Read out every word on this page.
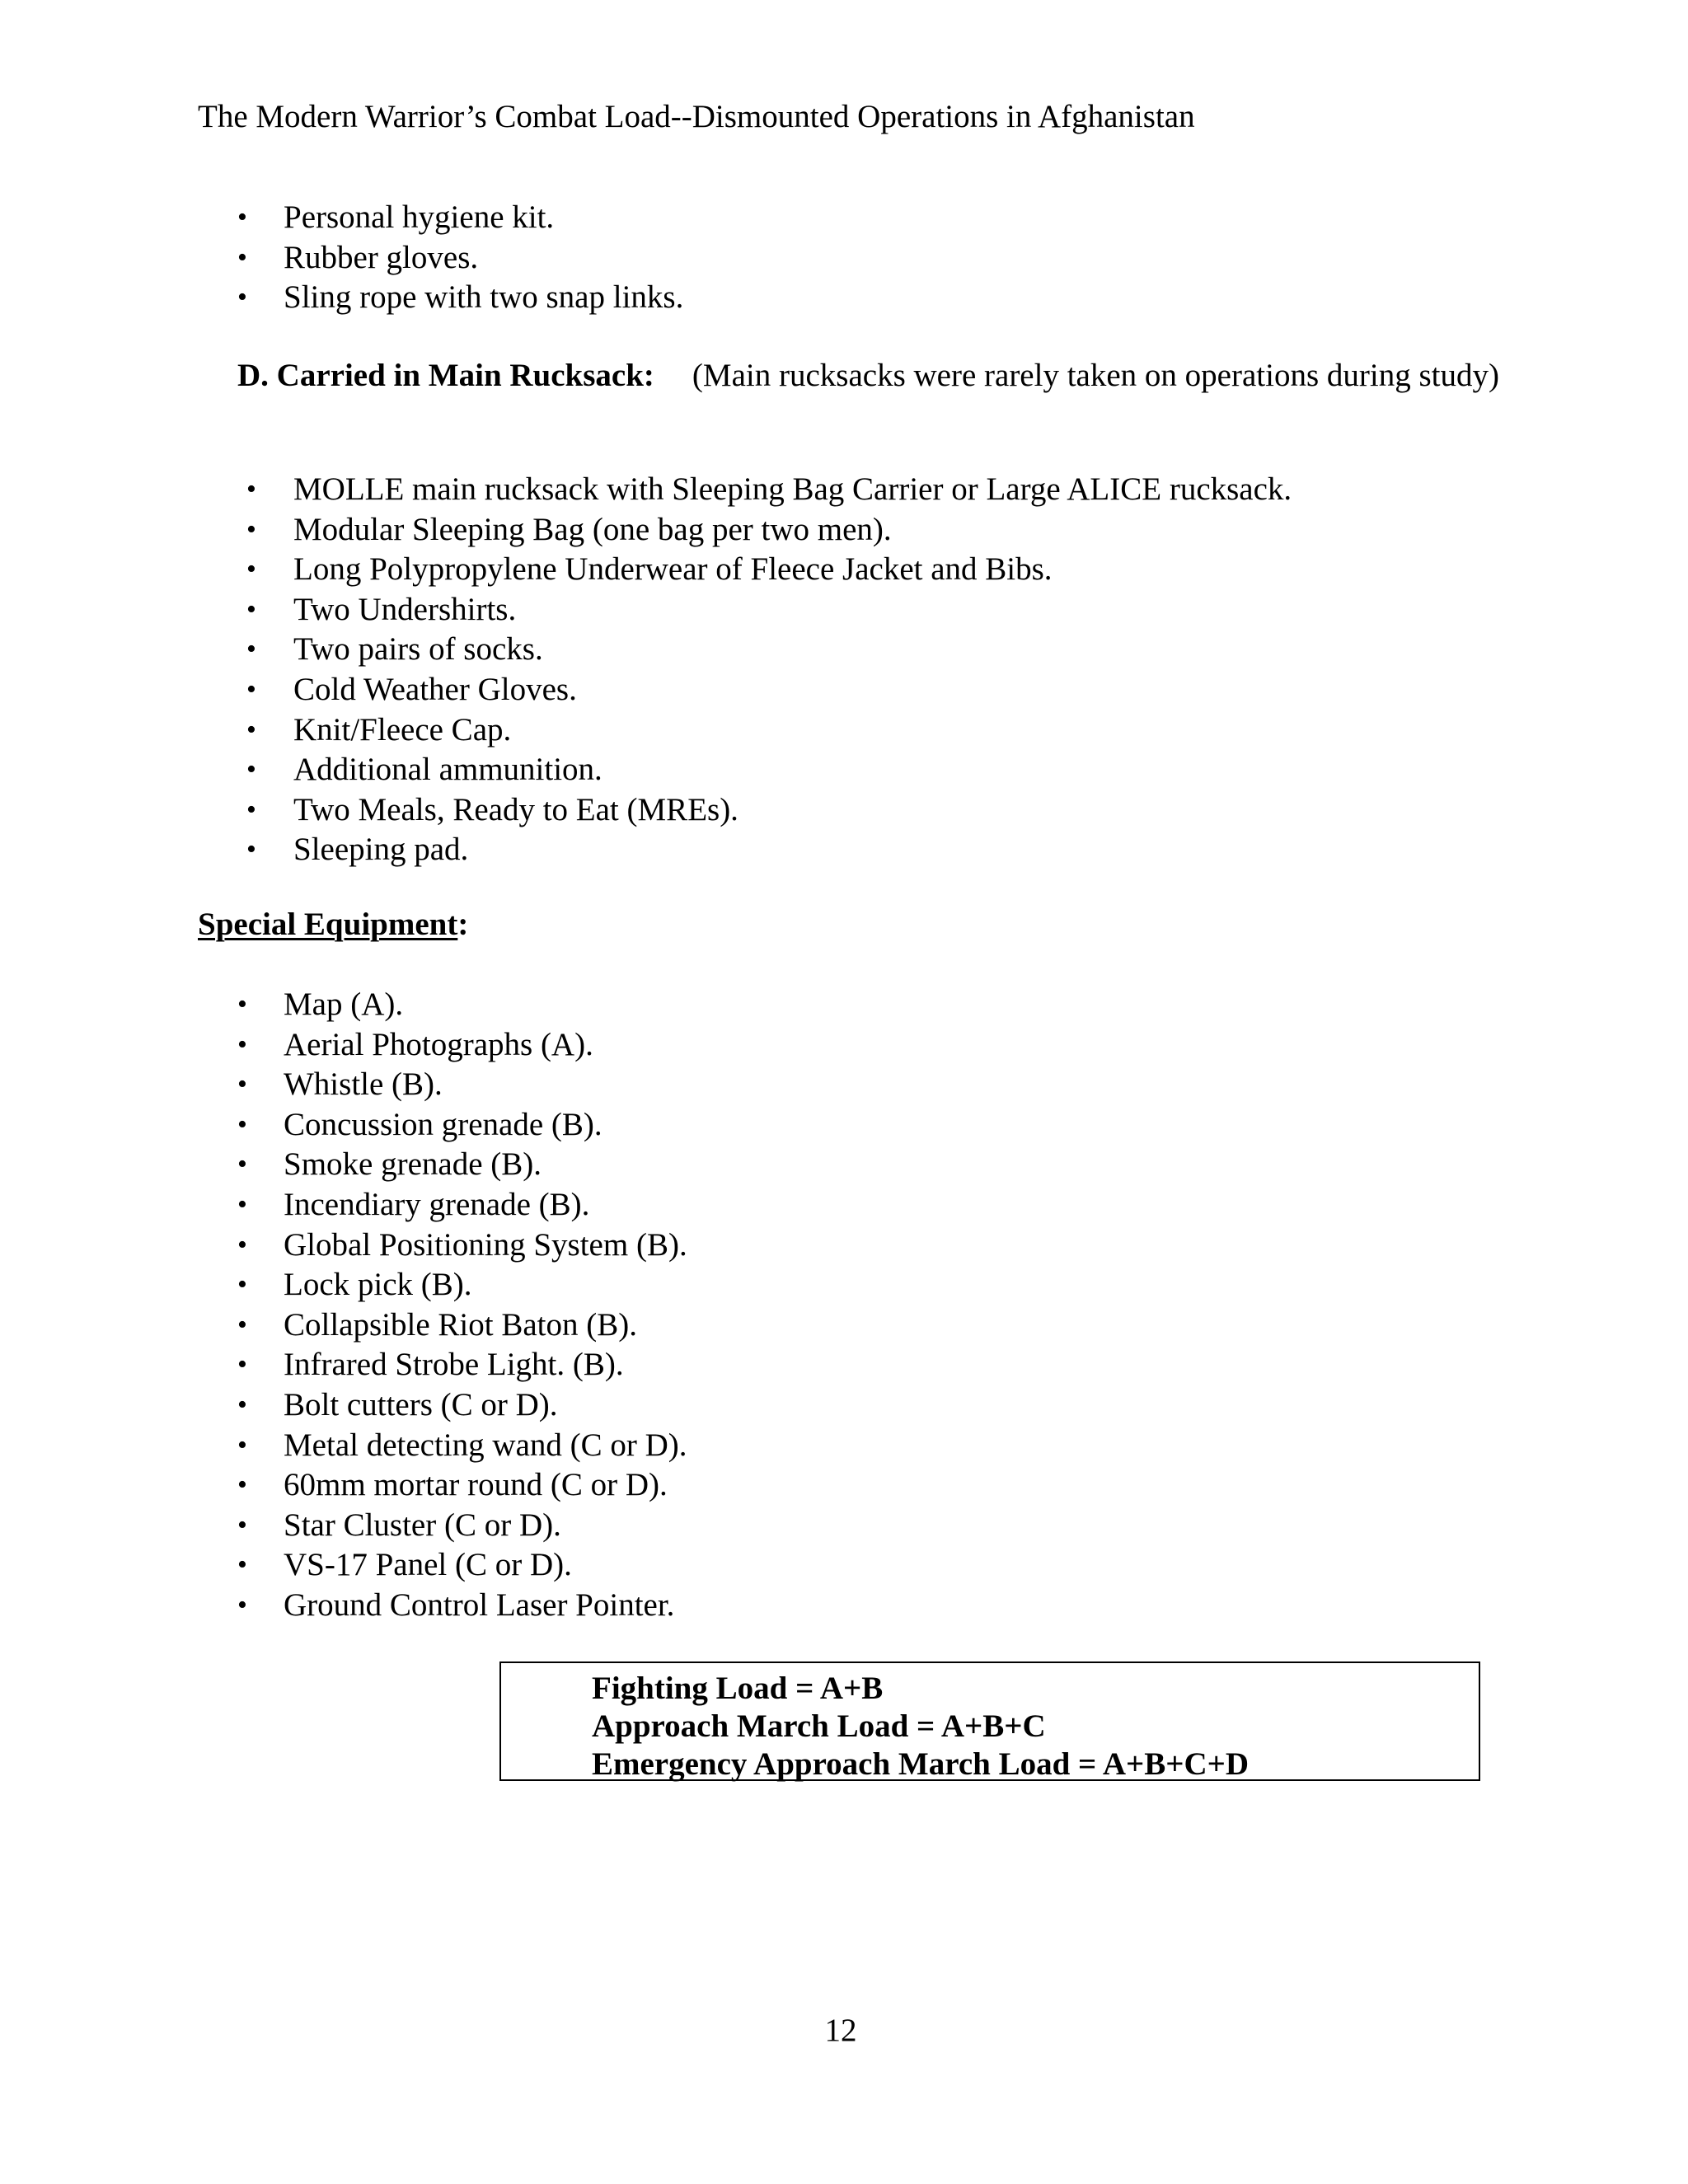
The Modern Warrior’s Combat Load--Dismounted Operations in Afghanistan
• Personal hygiene kit.
• Rubber gloves.
• Sling rope with two snap links.
D. Carried in Main Rucksack: (Main rucksacks were rarely taken on operations during study)
• MOLLE main rucksack with Sleeping Bag Carrier or Large ALICE rucksack.
• Modular Sleeping Bag (one bag per two men).
• Long Polypropylene Underwear of Fleece Jacket and Bibs.
• Two Undershirts.
• Two pairs of socks.
• Cold Weather Gloves.
• Knit/Fleece Cap.
• Additional ammunition.
• Two Meals, Ready to Eat (MREs).
• Sleeping pad.
Special Equipment:
• Map (A).
• Aerial Photographs (A).
• Whistle (B).
• Concussion grenade (B).
• Smoke grenade (B).
• Incendiary grenade (B).
• Global Positioning System (B).
• Lock pick (B).
• Collapsible Riot Baton (B).
• Infrared Strobe Light. (B).
• Bolt cutters (C or D).
• Metal detecting wand (C or D).
• 60mm mortar round (C or D).
• Star Cluster (C or D).
• VS-17 Panel (C or D).
• Ground Control Laser Pointer.
Fighting Load = A+B
Approach March Load = A+B+C
Emergency Approach March Load = A+B+C+D
12
